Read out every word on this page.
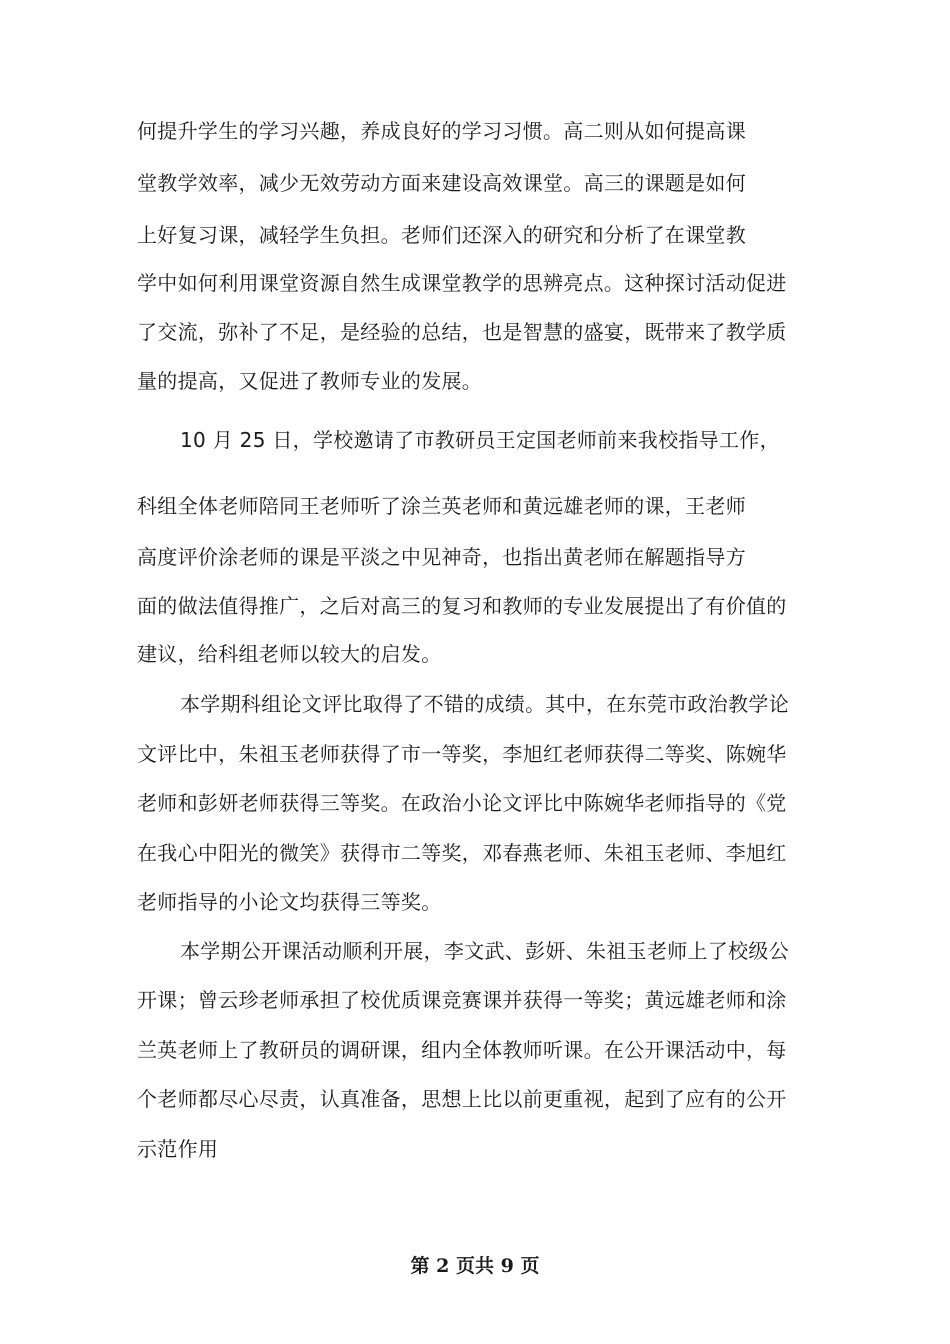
何提升学生的学习兴趣，养成良好的学习习惯。高二则从如何提高课
堂教学效率，减少无效劳动方面来建设高效课堂。高三的课题是如何
上好复习课，减轻学生负担。老师们还深入的研究和分析了在课堂教
学中如何利用课堂资源自然生成课堂教学的思辨亮点。这种探讨活动促进
了交流，弥补了不足，是经验的总结，也是智慧的盛宴，既带来了教学质
量的提高，又促进了教师专业的发展。
10 月 25 日，学校邀请了市教研员王定国老师前来我校指导工作，
科组全体老师陪同王老师听了涂兰英老师和黄远雄老师的课，王老师
高度评价涂老师的课是平淡之中见神奇，也指出黄老师在解题指导方
面的做法值得推广，之后对高三的复习和教师的专业发展提出了有价值的
建议，给科组老师以较大的启发。
本学期科组论文评比取得了不错的成绩。其中，在东莞市政治教学论
文评比中，朱祖玉老师获得了市一等奖，李旭红老师获得二等奖、陈婉华
老师和彭妍老师获得三等奖。在政治小论文评比中陈婉华老师指导的《党
在我心中阳光的微笑》获得市二等奖，邓春燕老师、朱祖玉老师、李旭红
老师指导的小论文均获得三等奖。
本学期公开课活动顺利开展，李文武、彭妍、朱祖玉老师上了校级公
开课；曾云珍老师承担了校优质课竞赛课并获得一等奖；黄远雄老师和涂
兰英老师上了教研员的调研课，组内全体教师听课。在公开课活动中，每
个老师都尽心尽责，认真准备，思想上比以前更重视，起到了应有的公开
示范作用
第 2 页共 9 页
